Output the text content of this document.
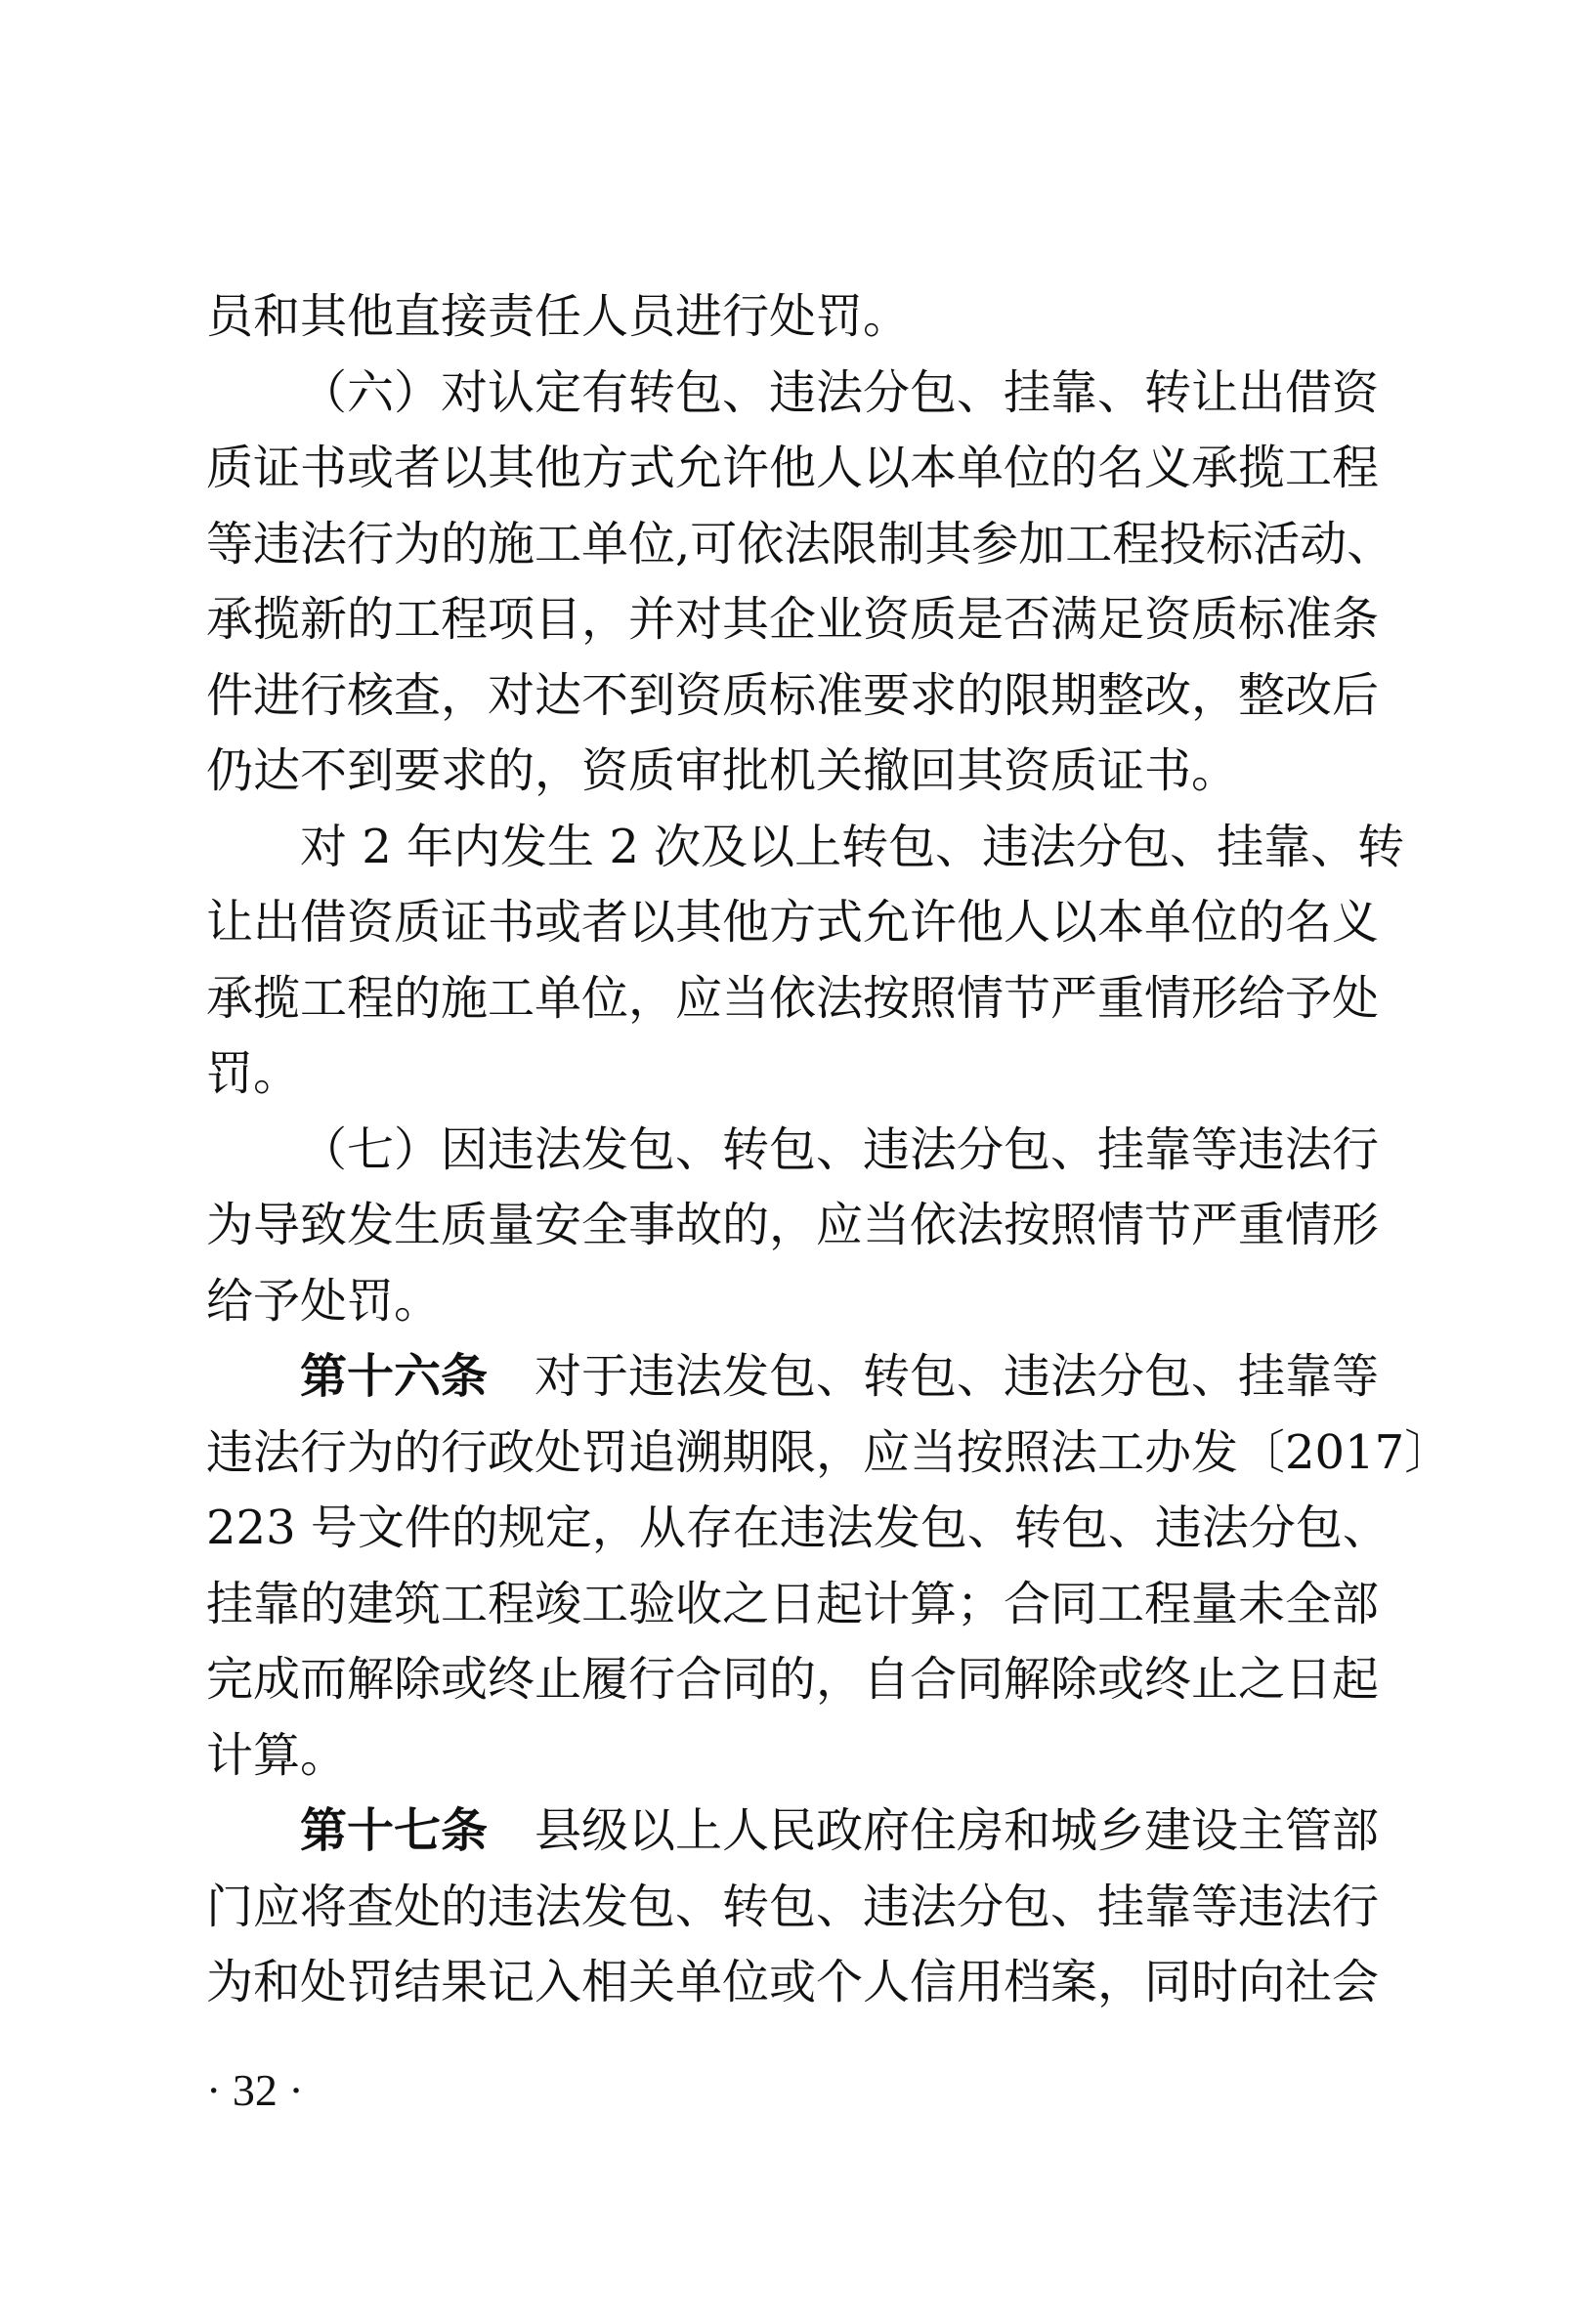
员和其他直接责任人员进行处罚。
（六）对认定有转包、违法分包、挂靠、转让出借资
质证书或者以其他方式允许他人以本单位的名义承揽工程
等违法行为的施工单位,可依法限制其参加工程投标活动、
承揽新的工程项目，并对其企业资质是否满足资质标准条
件进行核查，对达不到资质标准要求的限期整改，整改后
仍达不到要求的，资质审批机关撤回其资质证书。
对 2 年内发生 2 次及以上转包、违法分包、挂靠、转
让出借资质证书或者以其他方式允许他人以本单位的名义
承揽工程的施工单位，应当依法按照情节严重情形给予处
罚。
（七）因违法发包、转包、违法分包、挂靠等违法行
为导致发生质量安全事故的，应当依法按照情节严重情形
给予处罚。
第十六条 对于违法发包、转包、违法分包、挂靠等
违法行为的行政处罚追溯期限，应当按照法工办发〔2017〕
223 号文件的规定，从存在违法发包、转包、违法分包、
挂靠的建筑工程竣工验收之日起计算；合同工程量未全部
完成而解除或终止履行合同的，自合同解除或终止之日起
计算。
第十七条 县级以上人民政府住房和城乡建设主管部
门应将查处的违法发包、转包、违法分包、挂靠等违法行
为和处罚结果记入相关单位或个人信用档案，同时向社会
· 32 ·
